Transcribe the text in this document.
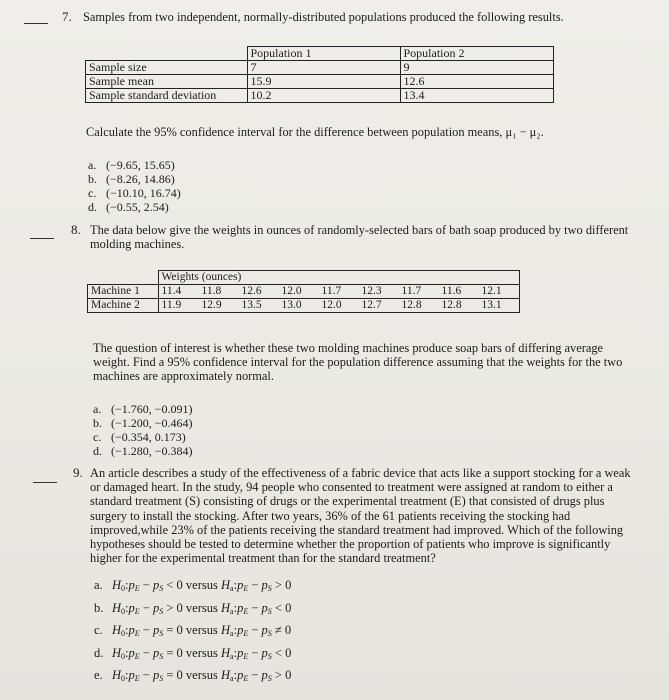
7. Samples from two independent, normally-distributed populations produced the following results.
	Population 1	Population 2
Sample size	7	9
Sample mean	15.9	12.6
Sample standard deviation	10.2	13.4
Calculate the 95% confidence interval for the difference between population means, μ₁ − μ₂.
a. (−9.65, 15.65)
b. (−8.26, 14.86)
c. (−10.10, 16.74)
d. (−0.55, 2.54)
8. The data below give the weights in ounces of randomly-selected bars of bath soap produced by two different
molding machines.
	Weights (ounces)								
Machine 1	11.4	11.8	12.6	12.0	11.7	12.3	11.7	11.6	12.1
Machine 2	11.9	12.9	13.5	13.0	12.0	12.7	12.8	12.8	13.1
The question of interest is whether these two molding machines produce soap bars of differing average
weight. Find a 95% confidence interval for the population difference assuming that the weights for the two
machines are approximately normal.
a. (−1.760, −0.091)
b. (−1.200, −0.464)
c. (−0.354, 0.173)
d. (−1.280, −0.384)
9. An article describes a study of the effectiveness of a fabric device that acts like a support stocking for a weak
or damaged heart. In the study, 94 people who consented to treatment were assigned at random to either a
standard treatment (S) consisting of drugs or the experimental treatment (E) that consisted of drugs plus
surgery to install the stocking. After two years, 36% of the 61 patients receiving the stocking had
improved,while 23% of the patients receiving the standard treatment had improved. Which of the following
hypotheses should be tested to determine whether the proportion of patients who improve is significantly
higher for the experimental treatment than for the standard treatment?
a. $H_0:p_E - p_S < 0$ versus $H_a:p_E - p_S > 0$
b. $H_0:p_E - p_S > 0$ versus $H_a:p_E - p_S < 0$
c. $H_0:p_E - p_S = 0$ versus $H_a:p_E - p_S \ne 0$
d. $H_0:p_E - p_S = 0$ versus $H_a:p_E - p_S < 0$
e. $H_0:p_E - p_S = 0$ versus $H_a:p_E - p_S > 0$
